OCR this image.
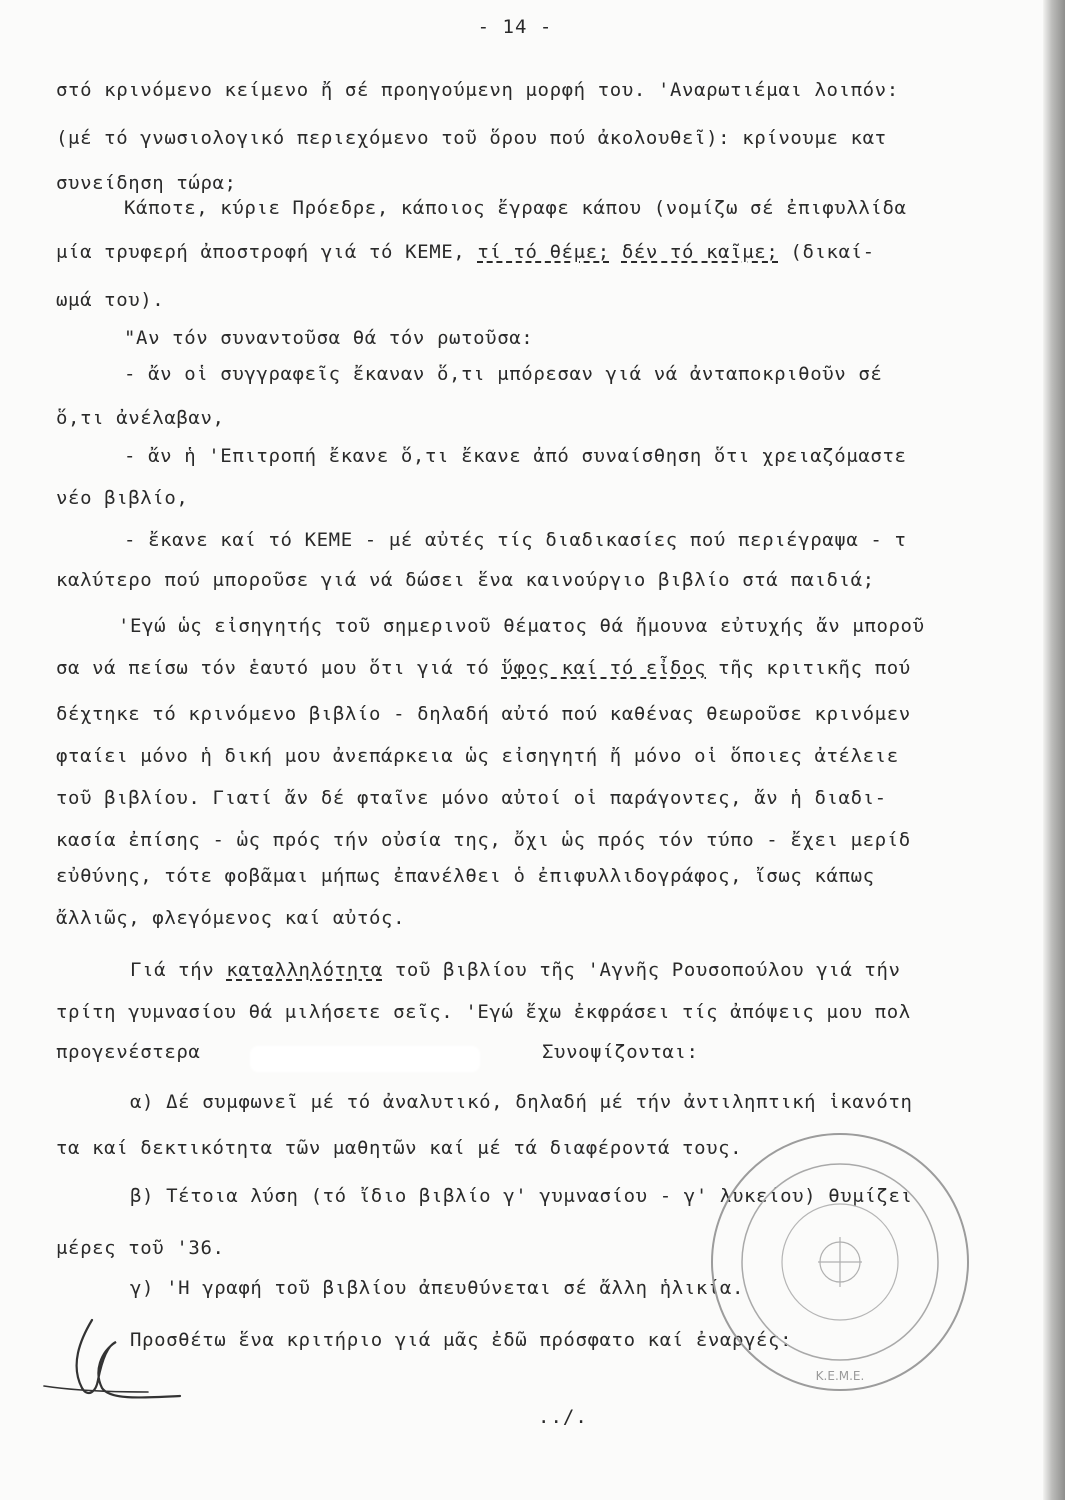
- 14 -
στό κρινόμενο κείμενο ἤ σέ προηγούμενη μορφή του. 'Αναρωτιέμαι λοιπόν:
(μέ τό γνωσιολογικό περιεχόμενο τοῦ ὅρου πού ἀκολουθεῖ): κρίνουμε κατ
συνείδηση τώρα;
Κάποτε, κύριε Πρόεδρε, κάποιος ἔγραφε κάπου (νομίζω σέ ἐπιφυλλίδα
μία τρυφερή ἀποστροφή γιά τό ΚΕΜΕ, τί τό θέμε; δέν τό καῖμε; (δικαί-
ωμά του).
"Αν τόν συναντοῦσα θά τόν ρωτοῦσα:
- ἄν οἱ συγγραφεῖς ἔκαναν ὅ,τι μπόρεσαν γιά νά ἀνταποκριθοῦν σέ
ὅ,τι ἀνέλαβαν,
- ἄν ἡ 'Επιτροπή ἔκανε ὅ,τι ἔκανε ἀπό συναίσθηση ὅτι χρειαζόμαστε
νέο βιβλίο,
- ἔκανε καί τό ΚΕΜΕ - μέ αὐτές τίς διαδικασίες πού περιέγραψα - τ
καλύτερο πού μποροῦσε γιά νά δώσει ἕνα καινούργιο βιβλίο στά παιδιά;
'Εγώ ὡς εἰσηγητής τοῦ σημερινοῦ θέματος θά ἤμουνα εὐτυχής ἄν μποροῦ
σα νά πείσω τόν ἑαυτό μου ὅτι γιά τό ὕφος καί τό εἶδος τῆς κριτικῆς πού
δέχτηκε τό κρινόμενο βιβλίο - δηλαδή αὐτό πού καθένας θεωροῦσε κρινόμεν
φταίει μόνο ἡ δική μου ἀνεπάρκεια ὡς εἰσηγητή ἤ μόνο οἱ ὅποιες ἀτέλειε
τοῦ βιβλίου. Γιατί ἄν δέ φταῖνε μόνο αὐτοί οἱ παράγοντες, ἄν ἡ διαδι-
κασία ἐπίσης - ὡς πρός τήν οὐσία της, ὄχι ὡς πρός τόν τύπο - ἔχει μερίδ
εὐθύνης, τότε φοβᾶμαι μήπως ἐπανέλθει ὁ ἐπιφυλλιδογράφος, ἴσως κάπως
ἄλλιῶς, φλεγόμενος καί αὐτός.
Γιά τήν καταλληλότητα τοῦ βιβλίου τῆς 'Αγνῆς Ρουσοπούλου γιά τήν
τρίτη γυμνασίου θά μιλήσετε σεῖς. 'Εγώ ἔχω ἐκφράσει τίς ἀπόψεις μου πολ
προγενέστερα	Συνοψίζονται:
α) Δέ συμφωνεῖ μέ τό ἀναλυτικό, δηλαδή μέ τήν ἀντιληπτική ἱκανότη
τα καί δεκτικότητα τῶν μαθητῶν καί μέ τά διαφέροντά τους.
β) Τέτοια λύση (τό ἴδιο βιβλίο γ' γυμνασίου - γ' λυκείου) θυμίζει
μέρες τοῦ '36.
γ) 'Η γραφή τοῦ βιβλίου ἀπευθύνεται σέ ἄλλη ἡλικία.
Προσθέτω ἕνα κριτήριο γιά μᾶς ἐδῶ πρόσφατο καί ἐναργές:
Κ.Ε.Μ.Ε.
../.
